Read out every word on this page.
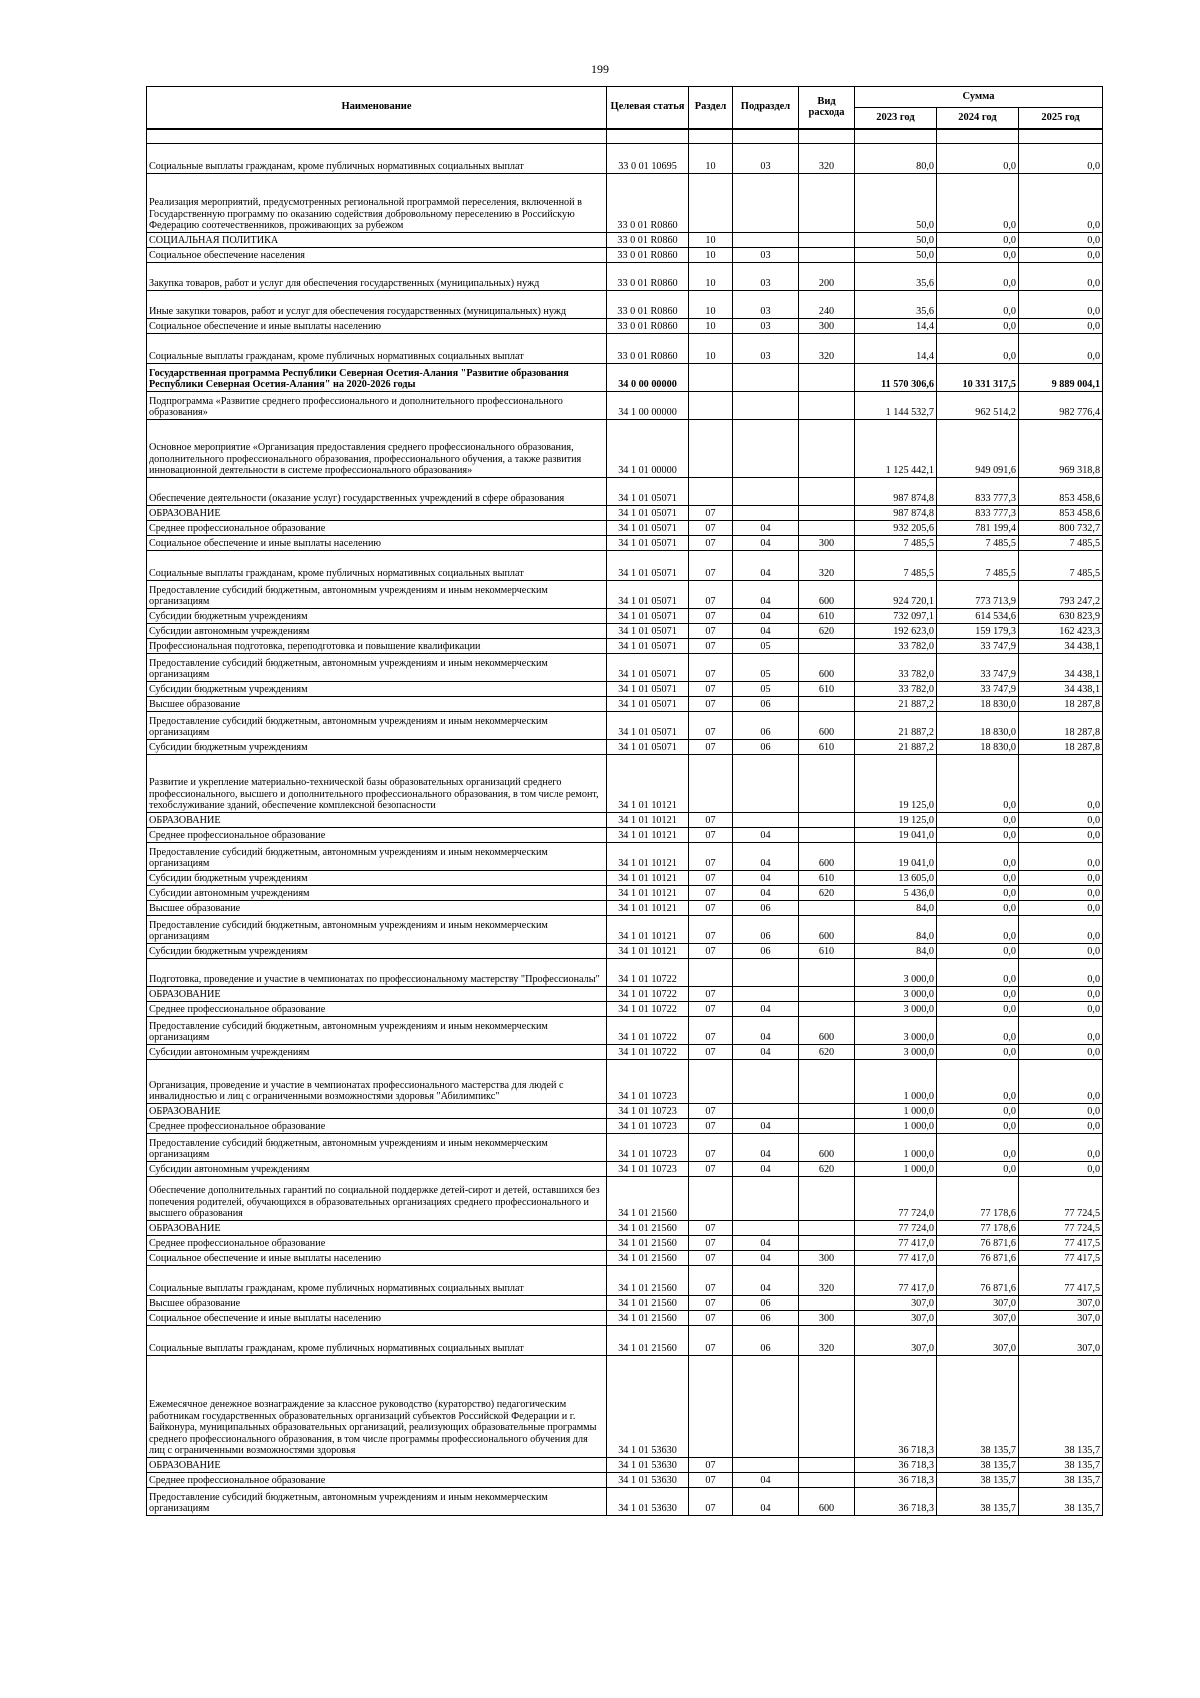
199
Наименование	Целевая статья	Раздел	Подраздел	Вид расхода	Сумма		
					2023 год	2024 год	2025 год

Социальные выплаты гражданам, кроме публичных нормативных социальных выплат	33 0 01 10695	10	03	320	80,0	0,0	0,0
Реализация мероприятий, предусмотренных региональной программой переселения, включенной в Государственную программу по оказанию содействия добровольному переселению в Российскую Федерацию соотечественников, проживающих за рубежом	33 0 01 R0860				50,0	0,0	0,0
СОЦИАЛЬНАЯ ПОЛИТИКА	33 0 01 R0860	10			50,0	0,0	0,0
Социальное обеспечение населения	33 0 01 R0860	10	03		50,0	0,0	0,0
Закупка товаров, работ и услуг для обеспечения государственных (муниципальных) нужд	33 0 01 R0860	10	03	200	35,6	0,0	0,0
Иные закупки товаров, работ и услуг для обеспечения государственных (муниципальных) нужд	33 0 01 R0860	10	03	240	35,6	0,0	0,0
Социальное обеспечение и иные выплаты населению	33 0 01 R0860	10	03	300	14,4	0,0	0,0
Социальные выплаты гражданам, кроме публичных нормативных социальных выплат	33 0 01 R0860	10	03	320	14,4	0,0	0,0
Государственная программа Республики Северная Осетия-Алания "Развитие образования Республики Северная Осетия-Алания" на 2020-2026 годы	34 0 00 00000				11 570 306,6	10 331 317,5	9 889 004,1
Подпрограмма «Развитие среднего профессионального и дополнительного профессионального образования»	34 1 00 00000				1 144 532,7	962 514,2	982 776,4
Основное мероприятие «Организация предоставления среднего профессионального образования, дополнительного профессионального образования, профессионального обучения, а также развития инновационной деятельности в системе профессионального образования»	34 1 01 00000				1 125 442,1	949 091,6	969 318,8
Обеспечение деятельности (оказание услуг) государственных учреждений в сфере образования	34 1 01 05071				987 874,8	833 777,3	853 458,6
ОБРАЗОВАНИЕ	34 1 01 05071	07			987 874,8	833 777,3	853 458,6
Среднее профессиональное образование	34 1 01 05071	07	04		932 205,6	781 199,4	800 732,7
Социальное обеспечение и иные выплаты населению	34 1 01 05071	07	04	300	7 485,5	7 485,5	7 485,5
Социальные выплаты гражданам, кроме публичных нормативных социальных выплат	34 1 01 05071	07	04	320	7 485,5	7 485,5	7 485,5
Предоставление субсидий бюджетным, автономным учреждениям и иным некоммерческим организациям	34 1 01 05071	07	04	600	924 720,1	773 713,9	793 247,2
Субсидии бюджетным учреждениям	34 1 01 05071	07	04	610	732 097,1	614 534,6	630 823,9
Субсидии автономным учреждениям	34 1 01 05071	07	04	620	192 623,0	159 179,3	162 423,3
Профессиональная подготовка, переподготовка и повышение квалификации	34 1 01 05071	07	05		33 782,0	33 747,9	34 438,1
Предоставление субсидий бюджетным, автономным учреждениям и иным некоммерческим организациям	34 1 01 05071	07	05	600	33 782,0	33 747,9	34 438,1
Субсидии бюджетным учреждениям	34 1 01 05071	07	05	610	33 782,0	33 747,9	34 438,1
Высшее образование	34 1 01 05071	07	06		21 887,2	18 830,0	18 287,8
Предоставление субсидий бюджетным, автономным учреждениям и иным некоммерческим организациям	34 1 01 05071	07	06	600	21 887,2	18 830,0	18 287,8
Субсидии бюджетным учреждениям	34 1 01 05071	07	06	610	21 887,2	18 830,0	18 287,8
Развитие и укрепление материально-технической базы образовательных организаций среднего профессионального, высшего и дополнительного профессионального образования, в том числе ремонт, техобслуживание зданий, обеспечение комплексной безопасности	34 1 01 10121				19 125,0	0,0	0,0
ОБРАЗОВАНИЕ	34 1 01 10121	07			19 125,0	0,0	0,0
Среднее профессиональное образование	34 1 01 10121	07	04		19 041,0	0,0	0,0
Предоставление субсидий бюджетным, автономным учреждениям и иным некоммерческим организациям	34 1 01 10121	07	04	600	19 041,0	0,0	0,0
Субсидии бюджетным учреждениям	34 1 01 10121	07	04	610	13 605,0	0,0	0,0
Субсидии автономным учреждениям	34 1 01 10121	07	04	620	5 436,0	0,0	0,0
Высшее образование	34 1 01 10121	07	06		84,0	0,0	0,0
Предоставление субсидий бюджетным, автономным учреждениям и иным некоммерческим организациям	34 1 01 10121	07	06	600	84,0	0,0	0,0
Субсидии бюджетным учреждениям	34 1 01 10121	07	06	610	84,0	0,0	0,0
Подготовка, проведение и участие в чемпионатах по профессиональному мастерству "Профессионалы"	34 1 01 10722				3 000,0	0,0	0,0
ОБРАЗОВАНИЕ	34 1 01 10722	07			3 000,0	0,0	0,0
Среднее профессиональное образование	34 1 01 10722	07	04		3 000,0	0,0	0,0
Предоставление субсидий бюджетным, автономным учреждениям и иным некоммерческим организациям	34 1 01 10722	07	04	600	3 000,0	0,0	0,0
Субсидии автономным учреждениям	34 1 01 10722	07	04	620	3 000,0	0,0	0,0
Организация, проведение и участие в чемпионатах профессионального мастерства для людей с инвалидностью и лиц с ограниченными возможностями здоровья "Абилимпикс"	34 1 01 10723				1 000,0	0,0	0,0
ОБРАЗОВАНИЕ	34 1 01 10723	07			1 000,0	0,0	0,0
Среднее профессиональное образование	34 1 01 10723	07	04		1 000,0	0,0	0,0
Предоставление субсидий бюджетным, автономным учреждениям и иным некоммерческим организациям	34 1 01 10723	07	04	600	1 000,0	0,0	0,0
Субсидии автономным учреждениям	34 1 01 10723	07	04	620	1 000,0	0,0	0,0
Обеспечение дополнительных гарантий по социальной поддержке детей-сирот и детей, оставшихся без попечения родителей, обучающихся в образовательных организациях среднего профессионального и высшего образования	34 1 01 21560				77 724,0	77 178,6	77 724,5
ОБРАЗОВАНИЕ	34 1 01 21560	07			77 724,0	77 178,6	77 724,5
Среднее профессиональное образование	34 1 01 21560	07	04		77 417,0	76 871,6	77 417,5
Социальное обеспечение и иные выплаты населению	34 1 01 21560	07	04	300	77 417,0	76 871,6	77 417,5
Социальные выплаты гражданам, кроме публичных нормативных социальных выплат	34 1 01 21560	07	04	320	77 417,0	76 871,6	77 417,5
Высшее образование	34 1 01 21560	07	06		307,0	307,0	307,0
Социальное обеспечение и иные выплаты населению	34 1 01 21560	07	06	300	307,0	307,0	307,0
Социальные выплаты гражданам, кроме публичных нормативных социальных выплат	34 1 01 21560	07	06	320	307,0	307,0	307,0
Ежемесячное денежное вознаграждение за классное руководство (кураторство) педагогическим работникам государственных образовательных организаций субъектов Российской Федерации и г. Байконура, муниципальных образовательных организаций, реализующих образовательные программы среднего профессионального образования, в том числе программы профессионального обучения для лиц с ограниченными возможностями здоровья	34 1 01 53630				36 718,3	38 135,7	38 135,7
ОБРАЗОВАНИЕ	34 1 01 53630	07			36 718,3	38 135,7	38 135,7
Среднее профессиональное образование	34 1 01 53630	07	04		36 718,3	38 135,7	38 135,7
Предоставление субсидий бюджетным, автономным учреждениям и иным некоммерческим организациям	34 1 01 53630	07	04	600	36 718,3	38 135,7	38 135,7
